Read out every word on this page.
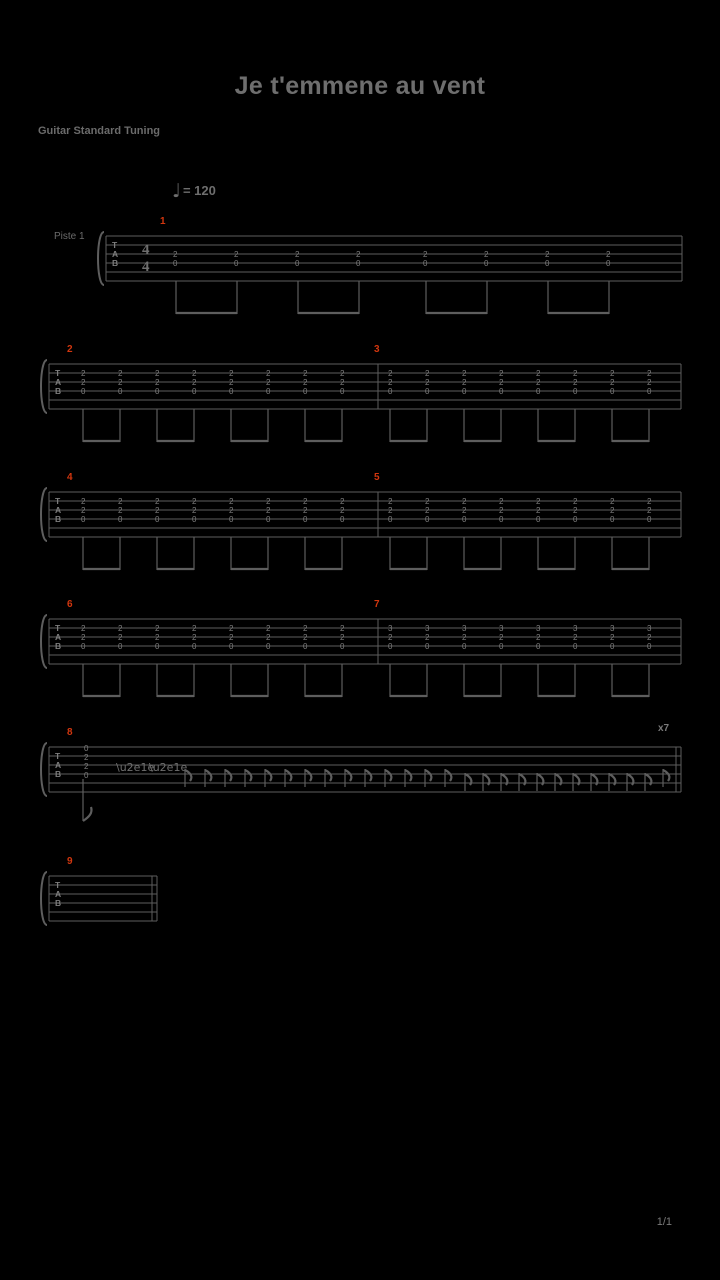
Je t'emmene au vent
Guitar Standard Tuning
♩ = 120
Piste 1
x7
1/1
1
T
A
B
4
4
2
0
2
0
2
0
2
0
2
0
2
0
2
0
2
0
2	3
T
A
B
2
2
0
2
2
0
2
2
0
2
2
0
2
2
0
2
2
0
2
2
0
2
2
0
2
2
0
2
2
0
2
2
0
2
2
0
2
2
0
2
2
0
2
2
0
2
2
0
4	5
T
A
B
2
2
0
2
2
0
2
2
0
2
2
0
2
2
0
2
2
0
2
2
0
2
2
0
2
2
0
2
2
0
2
2
0
2
2
0
2
2
0
2
2
0
2
2
0
2
2
0
6	7
T
A
B
2
2
0
2
2
0
2
2
0
2
2
0
2
2
0
2
2
0
2
2
0
2
2
0
3
2
0
3
2
0
3
2
0
3
2
0
3
2
0
3
2
0
3
2
0
3
2
0
8
T
A
B
0
2
2
0
\u2e1e
\u2e1e
9
T
A
B
